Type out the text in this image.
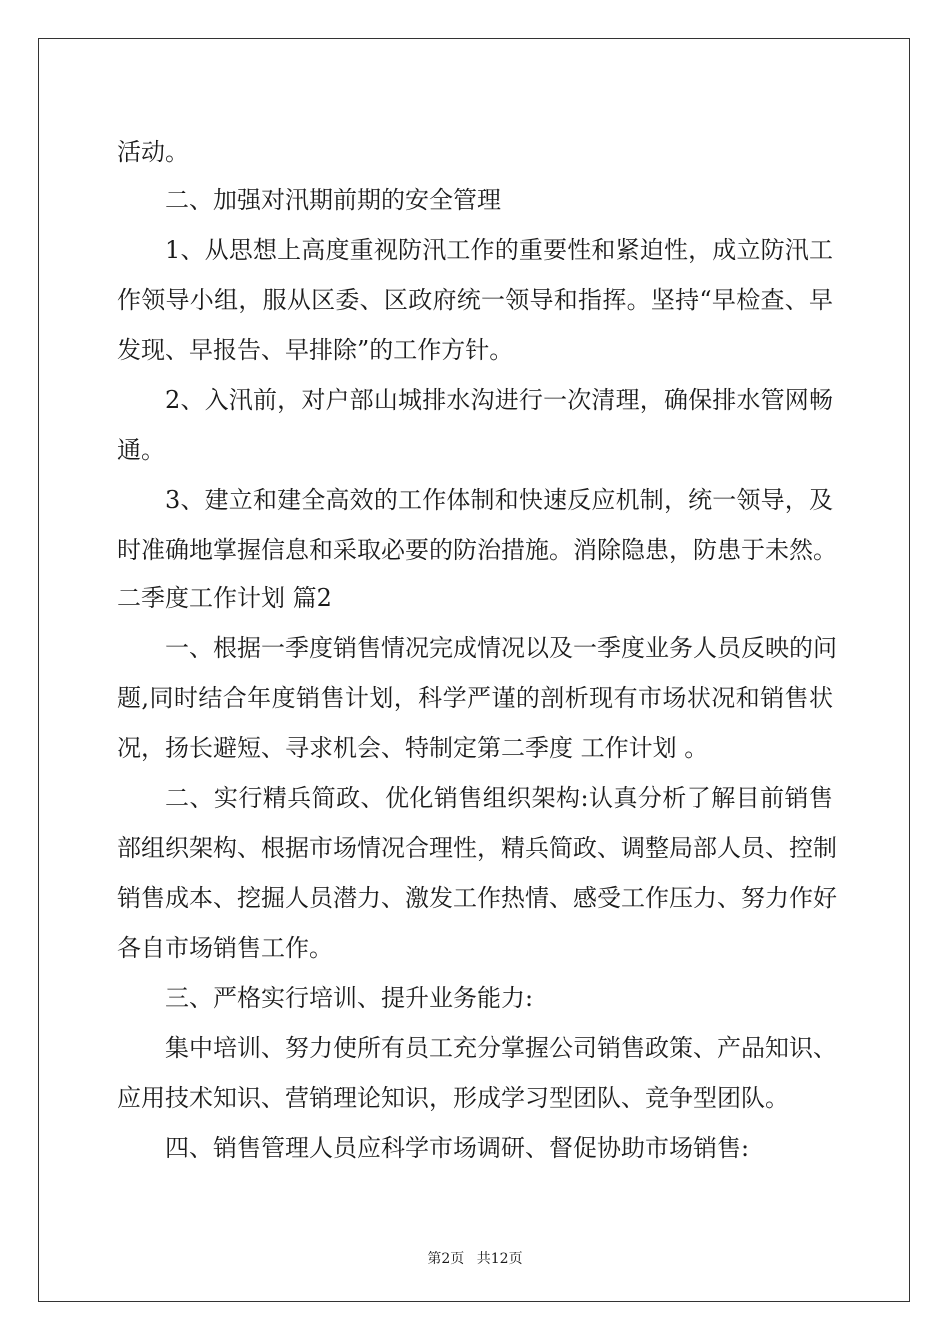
活动。

二、加强对汛期前期的安全管理

1、从思想上高度重视防汛工作的重要性和紧迫性，成立防汛工

作领导小组，服从区委、区政府统一领导和指挥。坚持“早检查、早

发现、早报告、早排除”的工作方针。

2、入汛前，对户部山城排水沟进行一次清理，确保排水管网畅

通。

3、建立和建全高效的工作体制和快速反应机制，统一领导，及

时准确地掌握信息和采取必要的防治措施。消除隐患，防患于未然。

二季度工作计划 篇2

一、根据一季度销售情况完成情况以及一季度业务人员反映的问

题,同时结合年度销售计划，科学严谨的剖析现有市场状况和销售状

况，扬长避短、寻求机会、特制定第二季度 工作计划 。

二、实行精兵简政、优化销售组织架构:认真分析了解目前销售

部组织架构、根据市场情况合理性，精兵简政、调整局部人员、控制

销售成本、挖掘人员潜力、激发工作热情、感受工作压力、努力作好

各自市场销售工作。

三、严格实行培训、提升业务能力:

集中培训、努力使所有员工充分掌握公司销售政策、产品知识、

应用技术知识、营销理论知识，形成学习型团队、竞争型团队。

四、销售管理人员应科学市场调研、督促协助市场销售:

第2页 共12页
